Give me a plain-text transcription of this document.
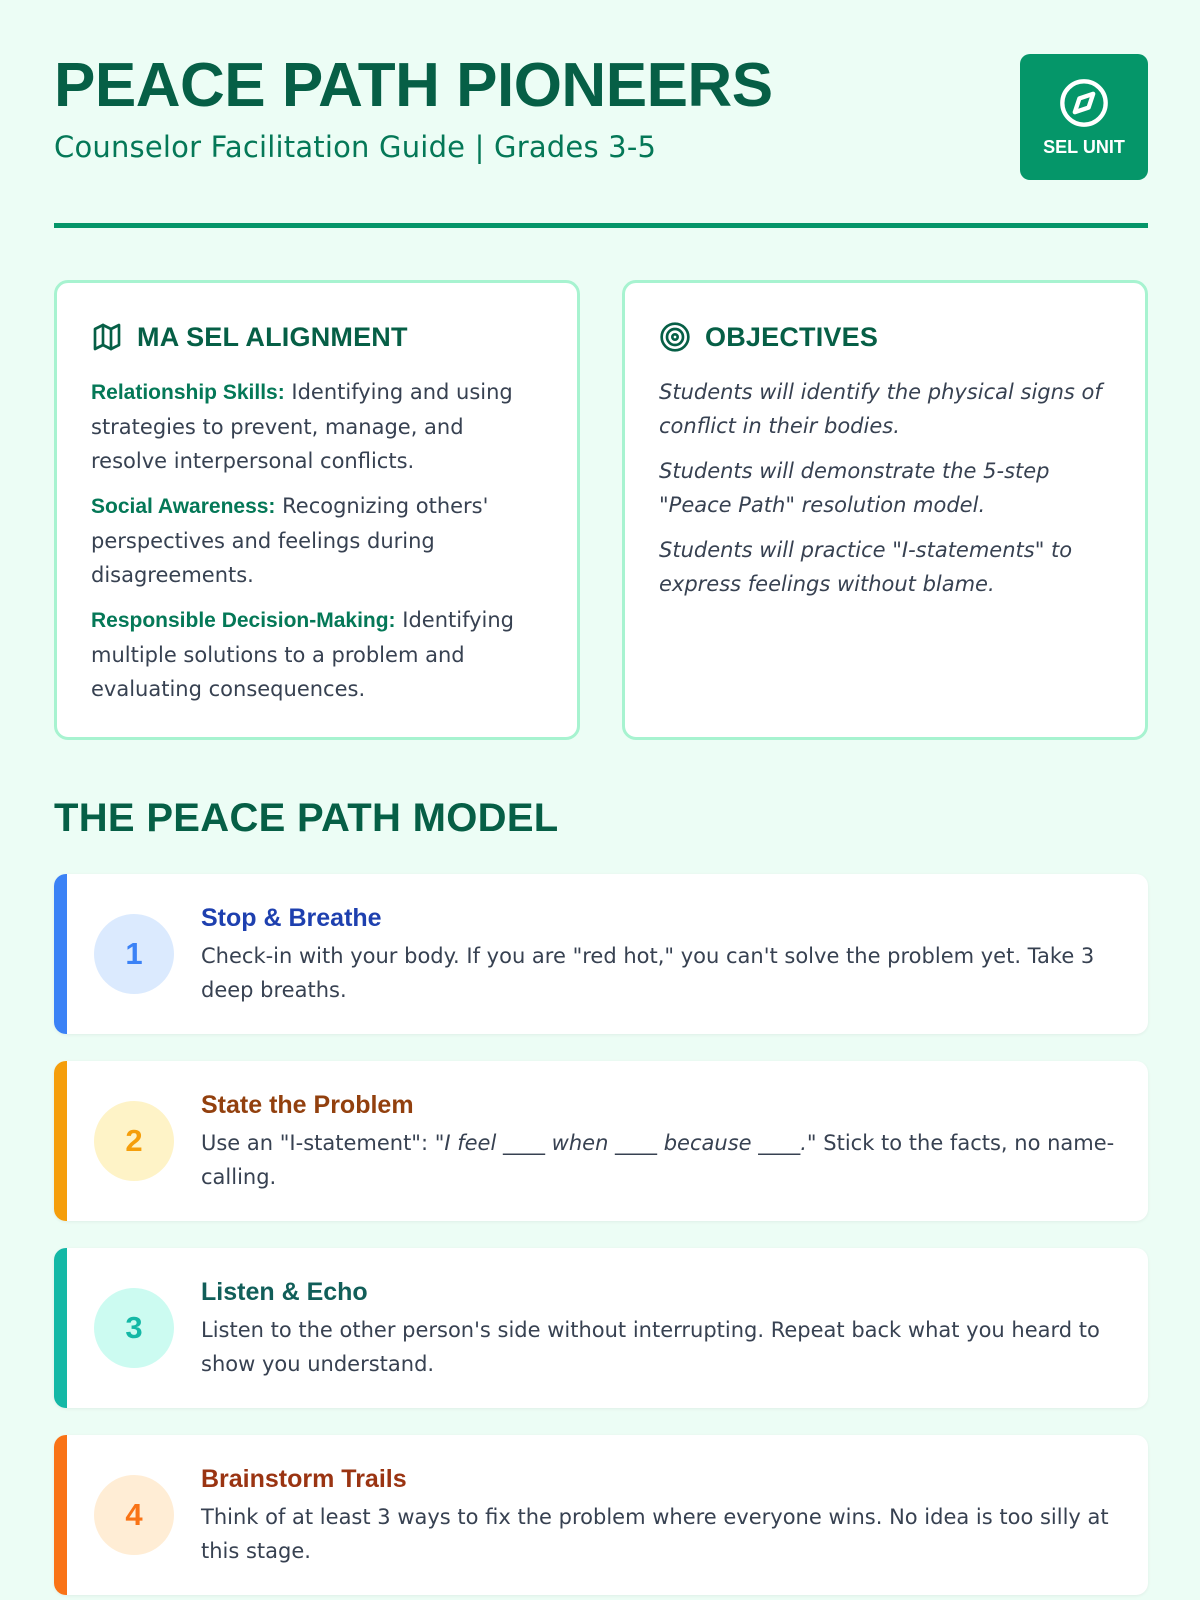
PEACE PATH PIONEERS
Counselor Facilitation Guide | Grades 3-5	SEL UNIT
MA SEL ALIGNMENT

Relationship Skills: Identifying and using strategies to prevent, manage, and resolve interpersonal conflicts.

Social Awareness: Recognizing others' perspectives and feelings during disagreements.

Responsible Decision-Making: Identifying multiple solutions to a problem and evaluating consequences.

OBJECTIVES

Students will identify the physical signs of conflict in their bodies.

Students will demonstrate the 5-step "Peace Path" resolution model.

Students will practice "I-statements" to express feelings without blame.

THE PEACE PATH MODEL
1
Stop & Breathe
Check-in with your body. If you are "red hot," you can't solve the problem yet. Take 3 deep breaths.
2
State the Problem
Use an "I-statement": "I feel ____ when ____ because ____." Stick to the facts, no name-calling.
3
Listen & Echo
Listen to the other person's side without interrupting. Repeat back what you heard to show you understand.
4
Brainstorm Trails
Think of at least 3 ways to fix the problem where everyone wins. No idea is too silly at this stage.
